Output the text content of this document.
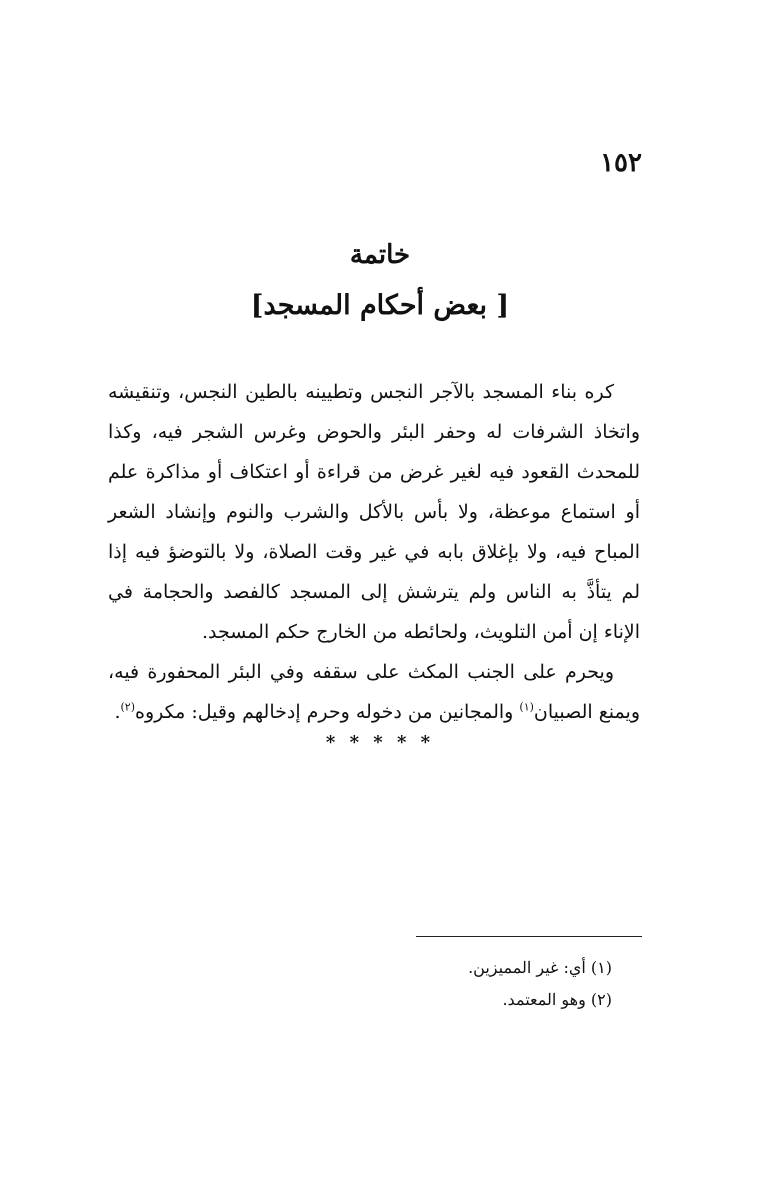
١٥٢
خاتمة
[ بعض أحكام المسجد]

كره بناء المسجد بالآجر النجس وتطيينه بالطين النجس، وتنقيشه واتخاذ الشرفات له وحفر البئر والحوض وغرس الشجر فيه، وكذا للمحدث القعود فيه لغير غرض من قراءة أو اعتكاف أو مذاكرة علم أو استماع موعظة، ولا بأس بالأكل والشرب والنوم وإنشاد الشعر المباح فيه، ولا بإغلاق بابه في غير وقت الصلاة، ولا بالتوضؤ فيه إذا لم يتأذَّ به الناس ولم يترشش إلى المسجد كالفصد والحجامة في الإناء إن أمن التلويث، ولحائطه من الخارج حكم المسجد.

ويحرم على الجنب المكث على سقفه وفي البئر المحفورة فيه، ويمنع الصبيان$^{(١)}$ والمجانين من دخوله وحرم إدخالهم وقيل: مكروه$^{(٢)}$.

* * * * *

(١) أي: غير المميزين.

(٢) وهو المعتمد.
